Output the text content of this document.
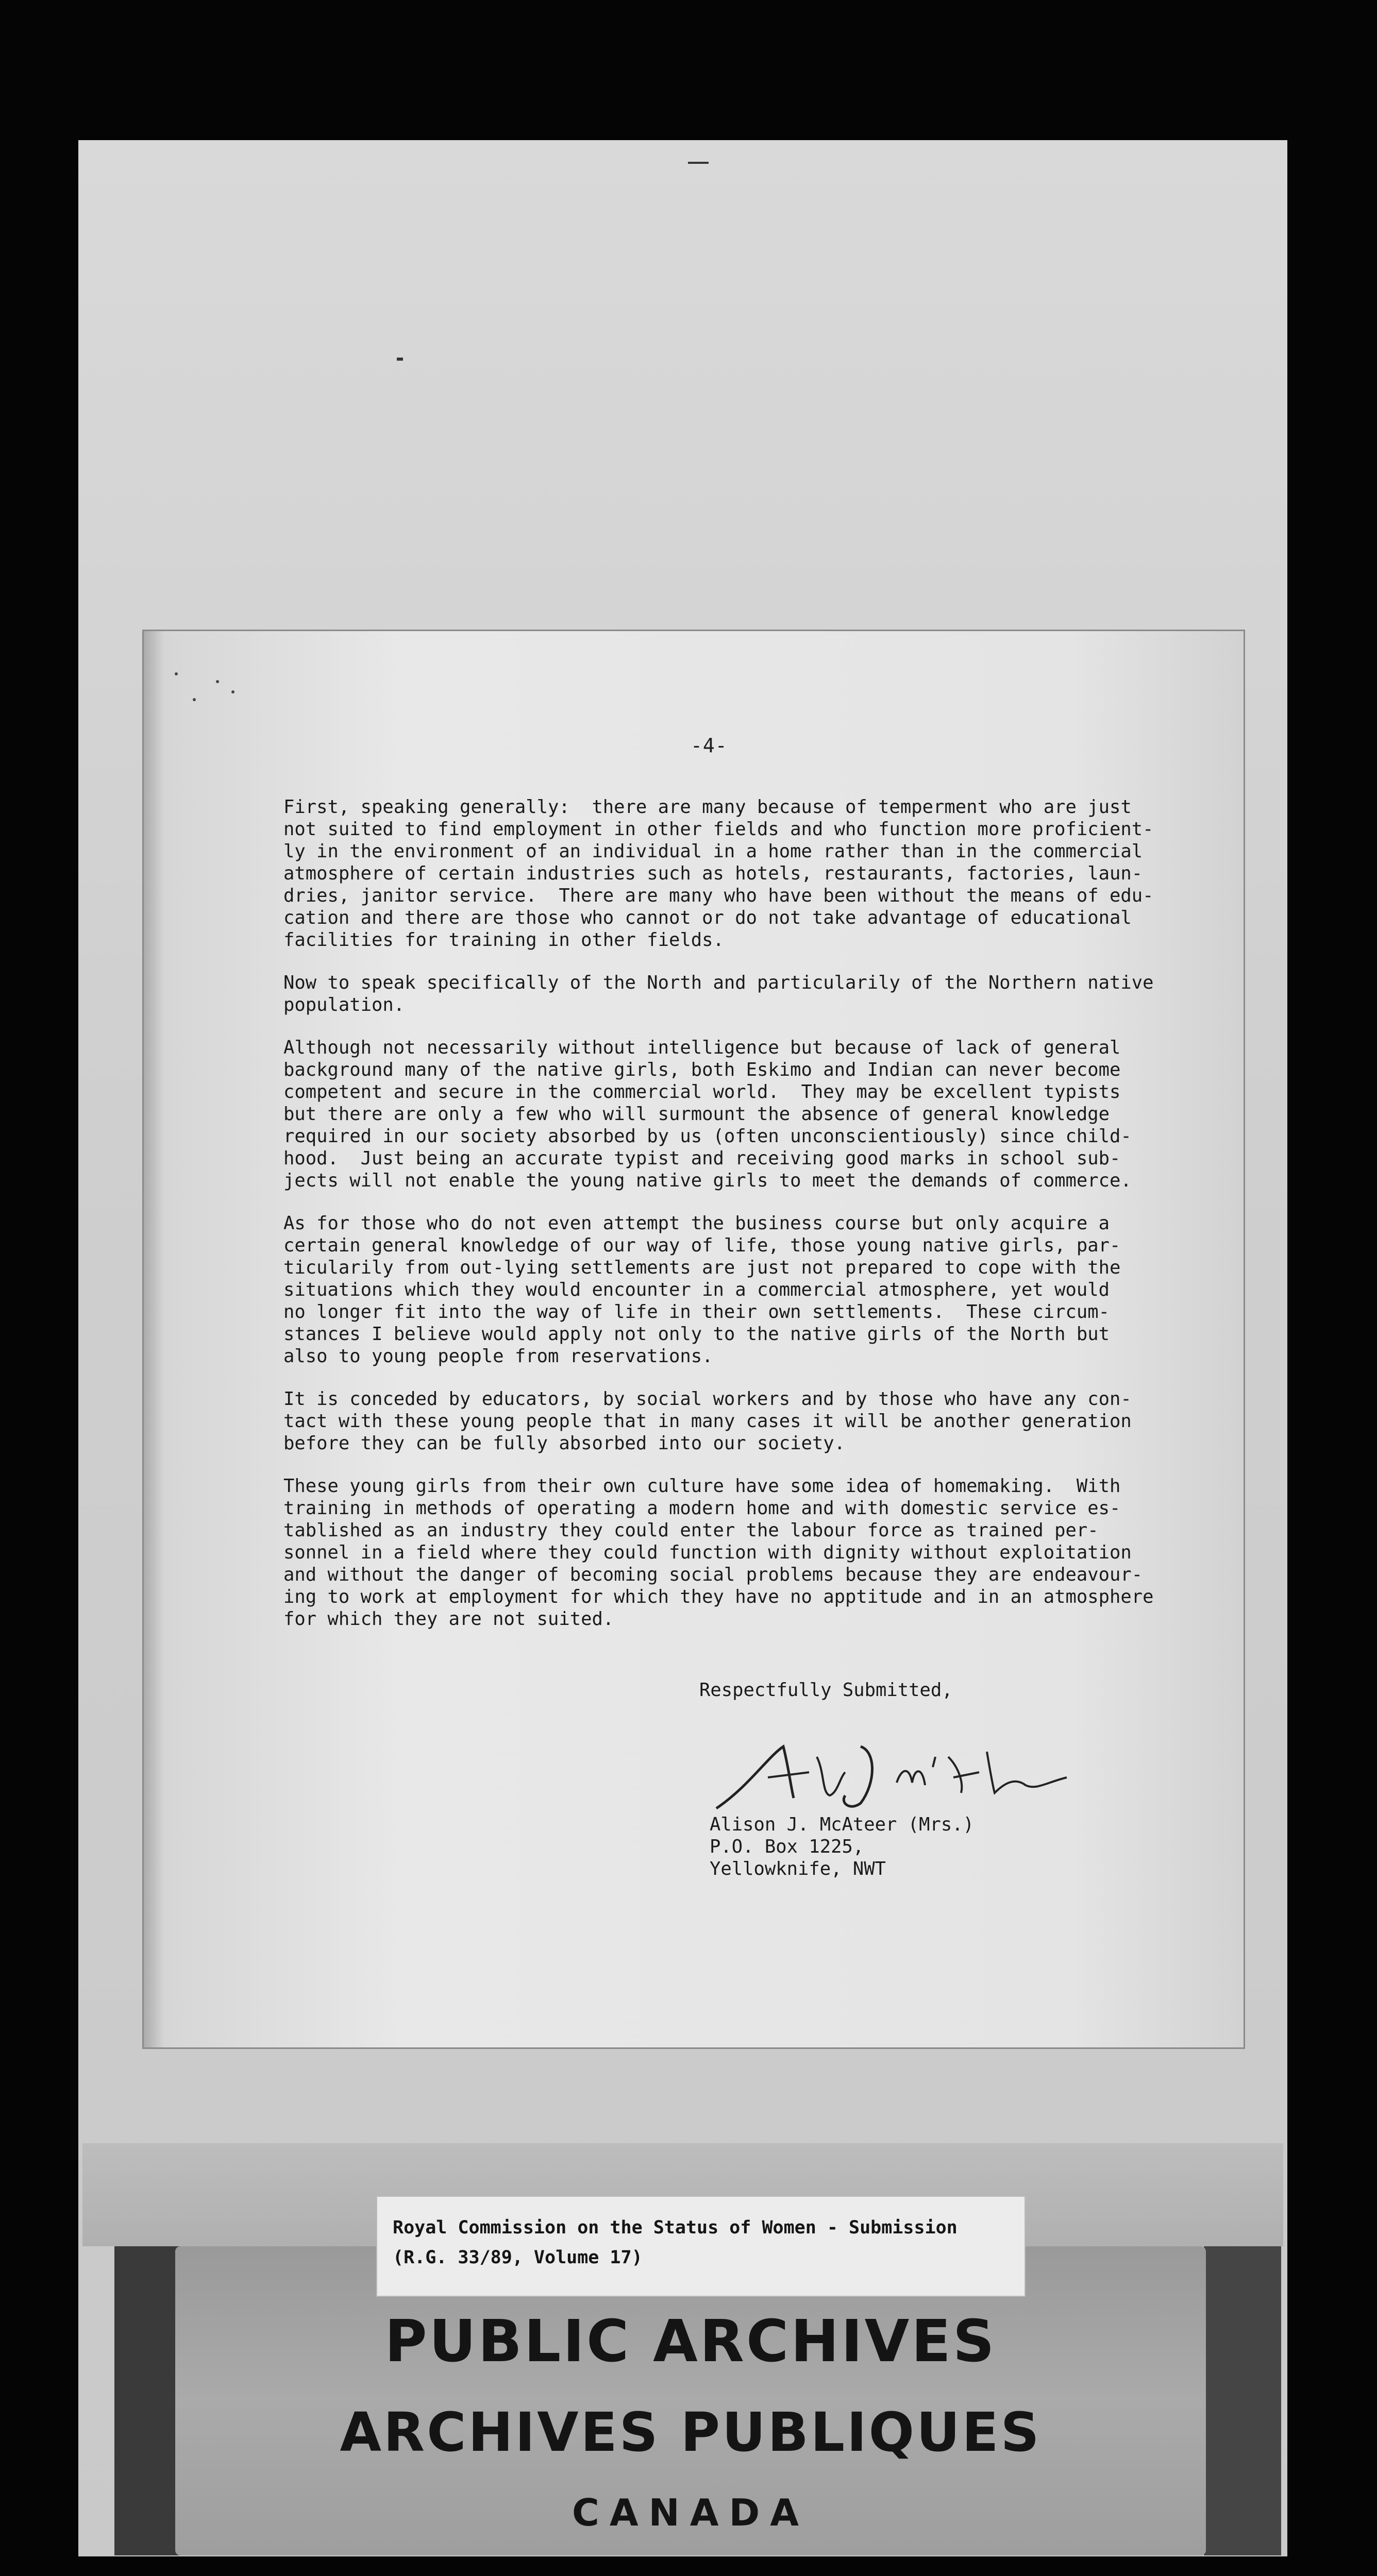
-4-
First, speaking generally:  there are many because of temperment who are just
not suited to find employment in other fields and who function more proficient-
ly in the environment of an individual in a home rather than in the commercial
atmosphere of certain industries such as hotels, restaurants, factories, laun-
dries, janitor service.  There are many who have been without the means of edu-
cation and there are those who cannot or do not take advantage of educational
facilities for training in other fields.
Now to speak specifically of the North and particularily of the Northern native
population.
Although not necessarily without intelligence but because of lack of general
background many of the native girls, both Eskimo and Indian can never become
competent and secure in the commercial world.  They may be excellent typists
but there are only a few who will surmount the absence of general knowledge
required in our society absorbed by us (often unconscientiously) since child-
hood.  Just being an accurate typist and receiving good marks in school sub-
jects will not enable the young native girls to meet the demands of commerce.
As for those who do not even attempt the business course but only acquire a
certain general knowledge of our way of life, those young native girls, par-
ticularily from out-lying settlements are just not prepared to cope with the
situations which they would encounter in a commercial atmosphere, yet would
no longer fit into the way of life in their own settlements.  These circum-
stances I believe would apply not only to the native girls of the North but
also to young people from reservations.
It is conceded by educators, by social workers and by those who have any con-
tact with these young people that in many cases it will be another generation
before they can be fully absorbed into our society.
These young girls from their own culture have some idea of homemaking.  With
training in methods of operating a modern home and with domestic service es-
tablished as an industry they could enter the labour force as trained per-
sonnel in a field where they could function with dignity without exploitation
and without the danger of becoming social problems because they are endeavour-
ing to work at employment for which they have no apptitude and in an atmosphere
for which they are not suited.
Respectfully Submitted,
Alison J. McAteer (Mrs.)
P.O. Box 1225,
Yellowknife, NWT
PUBLIC ARCHIVES
ARCHIVES PUBLIQUES
CANADA
Royal Commission on the Status of Women - Submission
(R.G. 33/89, Volume 17)
